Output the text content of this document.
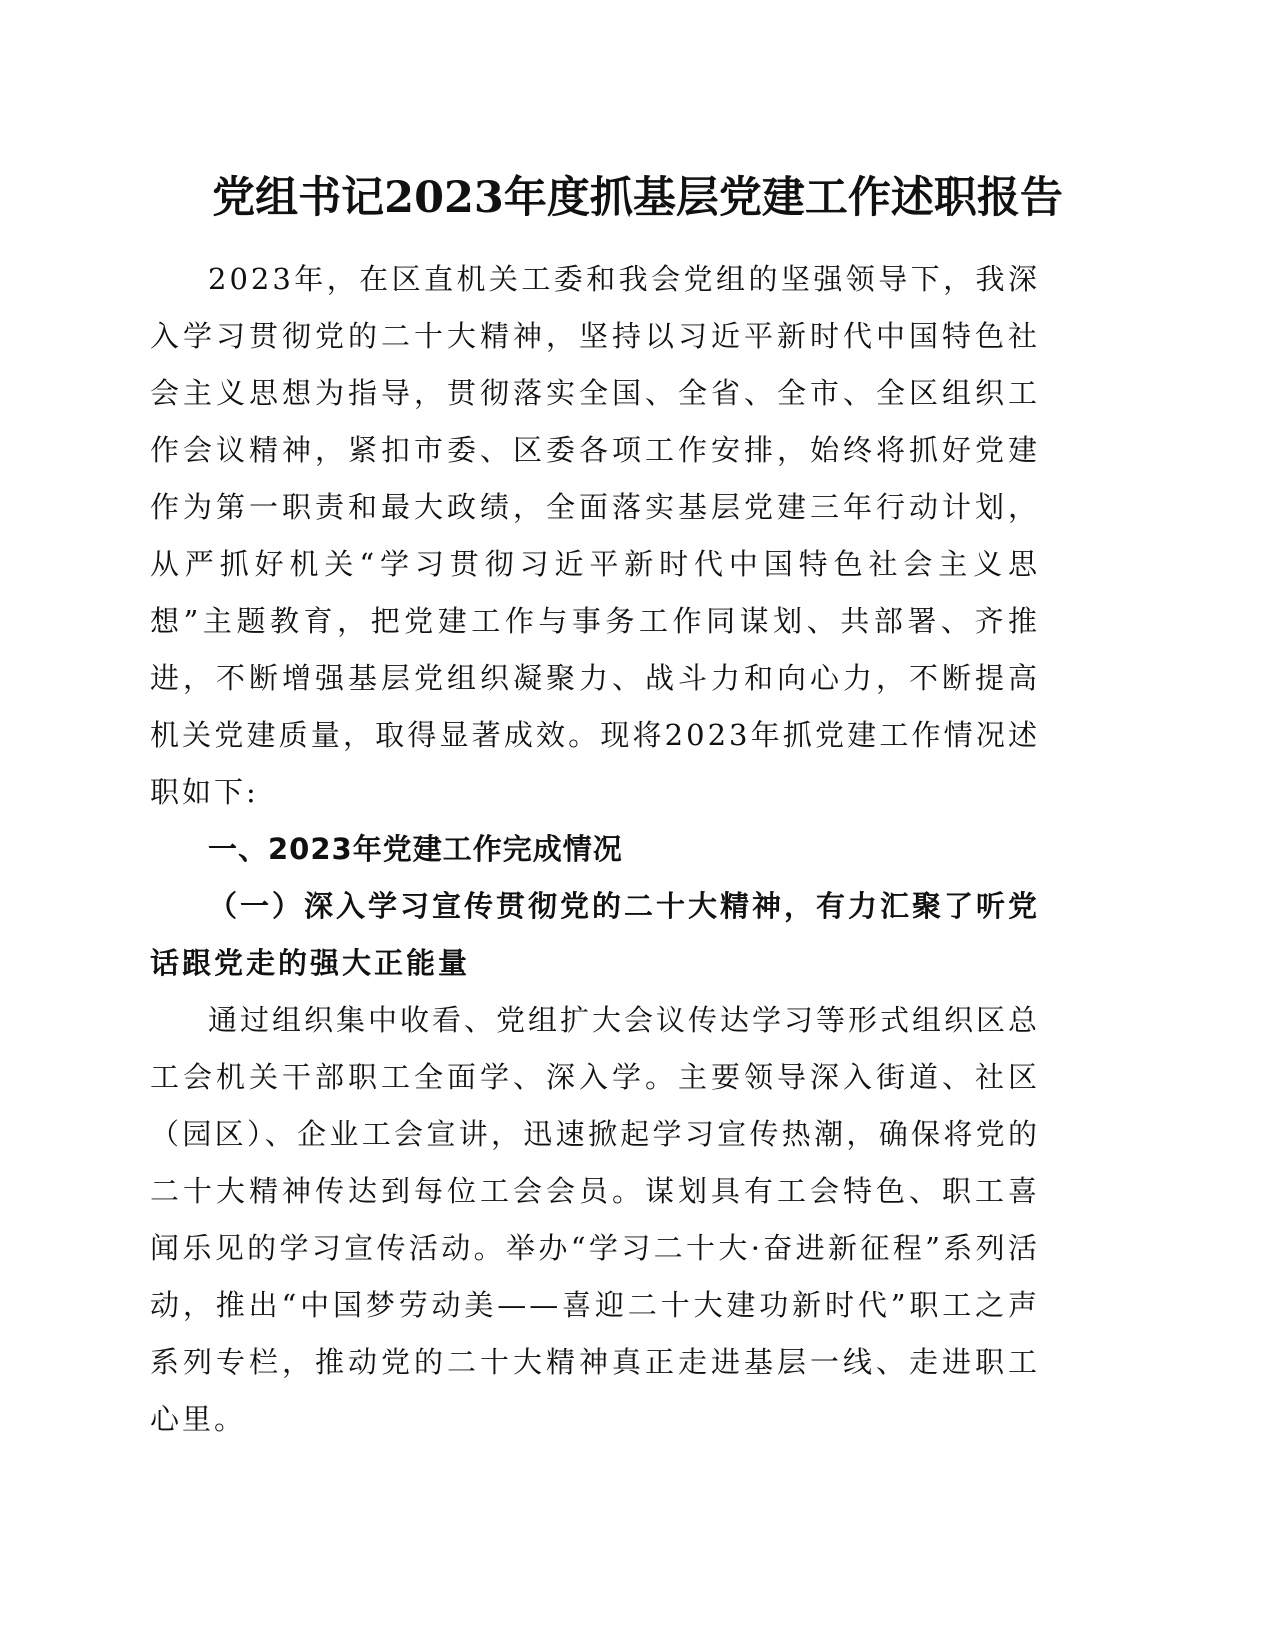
党组书记2023年度抓基层党建工作述职报告

2023年，在区直机关工委和我会党组的坚强领导下，我深入学习贯彻党的二十大精神，坚持以习近平新时代中国特色社会主义思想为指导，贯彻落实全国、全省、全市、全区组织工作会议精神，紧扣市委、区委各项工作安排，始终将抓好党建作为第一职责和最大政绩，全面落实基层党建三年行动计划，从严抓好机关“学习贯彻习近平新时代中国特色社会主义思想”主题教育，把党建工作与事务工作同谋划、共部署、齐推进，不断增强基层党组织凝聚力、战斗力和向心力，不断提高机关党建质量，取得显著成效。现将2023年抓党建工作情况述职如下:

一、2023年党建工作完成情况
（一）深入学习宣传贯彻党的二十大精神，有力汇聚了听党话跟党走的强大正能量

通过组织集中收看、党组扩大会议传达学习等形式组织区总工会机关干部职工全面学、深入学。主要领导深入街道、社区（园区）、企业工会宣讲，迅速掀起学习宣传热潮，确保将党的二十大精神传达到每位工会会员。谋划具有工会特色、职工喜闻乐见的学习宣传活动。举办“学习二十大·奋进新征程”系列活动，推出“中国梦劳动美——喜迎二十大建功新时代”职工之声系列专栏，推动党的二十大精神真正走进基层一线、走进职工心里。
